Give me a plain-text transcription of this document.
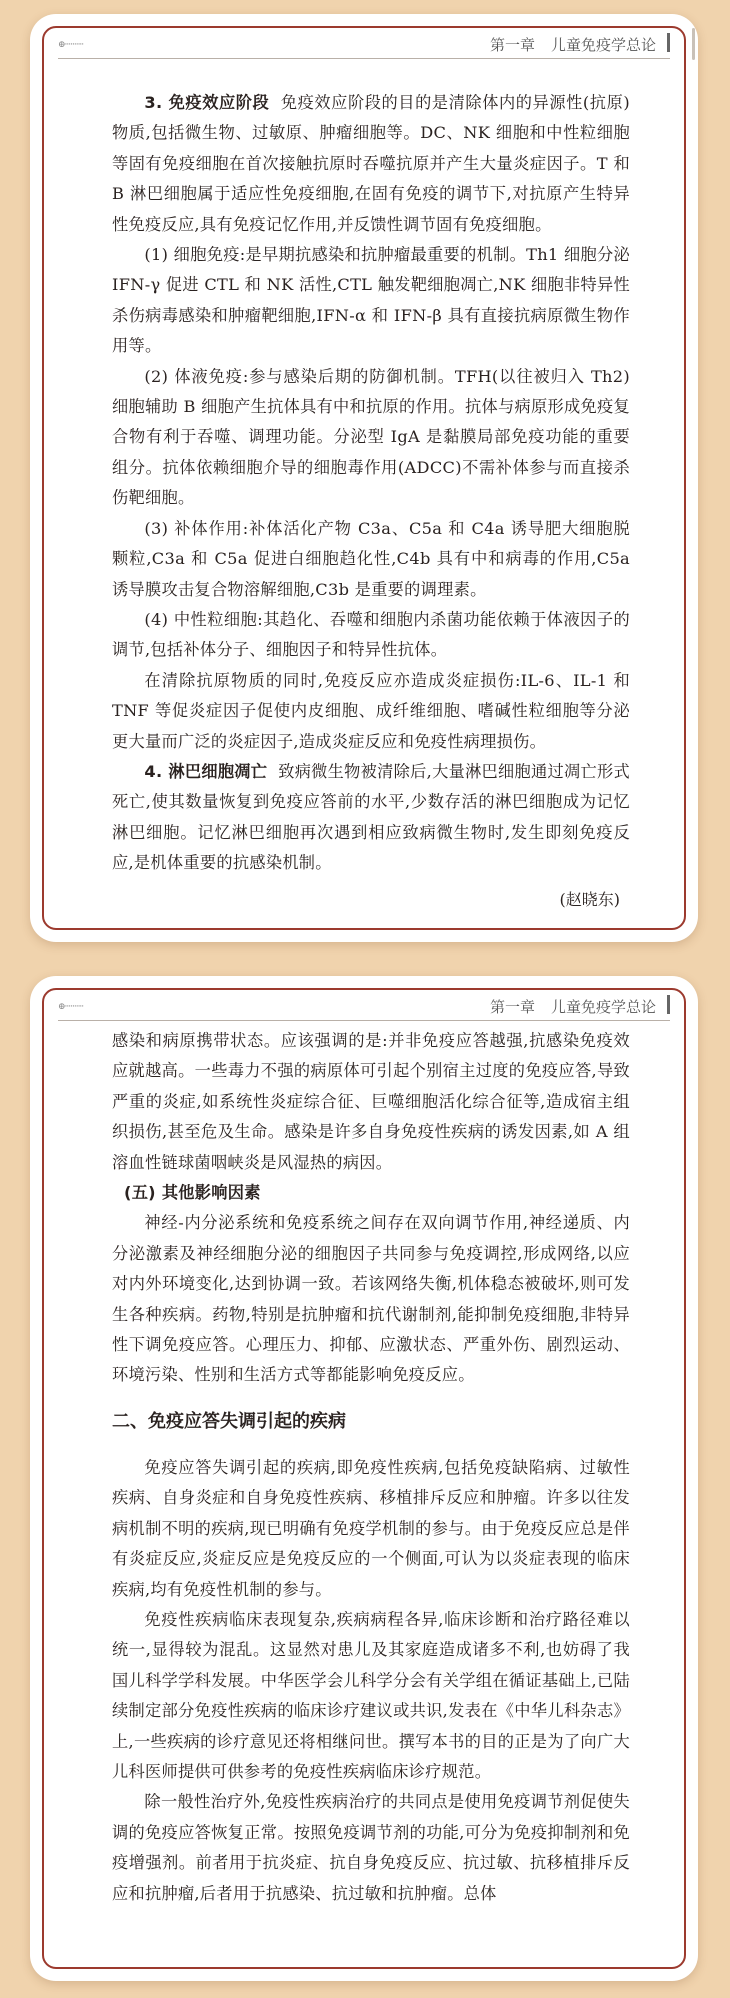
⊕··········	第一章 儿童免疫学总论

3. 免疫效应阶段 免疫效应阶段的目的是清除体内的异源性(抗原)物质,包括微生物、过敏原、肿瘤细胞等。DC、NK 细胞和中性粒细胞等固有免疫细胞在首次接触抗原时吞噬抗原并产生大量炎症因子。T 和 B 淋巴细胞属于适应性免疫细胞,在固有免疫的调节下,对抗原产生特异性免疫反应,具有免疫记忆作用,并反馈性调节固有免疫细胞。

(1) 细胞免疫:是早期抗感染和抗肿瘤最重要的机制。Th1 细胞分泌 IFN-γ 促进 CTL 和 NK 活性,CTL 触发靶细胞凋亡,NK 细胞非特异性杀伤病毒感染和肿瘤靶细胞,IFN-α 和 IFN-β 具有直接抗病原微生物作用等。

(2) 体液免疫:参与感染后期的防御机制。TFH(以往被归入 Th2)细胞辅助 B 细胞产生抗体具有中和抗原的作用。抗体与病原形成免疫复合物有利于吞噬、调理功能。分泌型 IgA 是黏膜局部免疫功能的重要组分。抗体依赖细胞介导的细胞毒作用(ADCC)不需补体参与而直接杀伤靶细胞。

(3) 补体作用:补体活化产物 C3a、C5a 和 C4a 诱导肥大细胞脱颗粒,C3a 和 C5a 促进白细胞趋化性,C4b 具有中和病毒的作用,C5a 诱导膜攻击复合物溶解细胞,C3b 是重要的调理素。

(4) 中性粒细胞:其趋化、吞噬和细胞内杀菌功能依赖于体液因子的调节,包括补体分子、细胞因子和特异性抗体。

在清除抗原物质的同时,免疫反应亦造成炎症损伤:IL-6、IL-1 和 TNF 等促炎症因子促使内皮细胞、成纤维细胞、嗜碱性粒细胞等分泌更大量而广泛的炎症因子,造成炎症反应和免疫性病理损伤。

4. 淋巴细胞凋亡 致病微生物被清除后,大量淋巴细胞通过凋亡形式死亡,使其数量恢复到免疫应答前的水平,少数存活的淋巴细胞成为记忆淋巴细胞。记忆淋巴细胞再次遇到相应致病微生物时,发生即刻免疫反应,是机体重要的抗感染机制。

(赵晓东)
⊕··········	第一章 儿童免疫学总论

感染和病原携带状态。应该强调的是:并非免疫应答越强,抗感染免疫效应就越高。一些毒力不强的病原体可引起个别宿主过度的免疫应答,导致严重的炎症,如系统性炎症综合征、巨噬细胞活化综合征等,造成宿主组织损伤,甚至危及生命。感染是许多自身免疫性疾病的诱发因素,如 A 组溶血性链球菌咽峡炎是风湿热的病因。

(五) 其他影响因素

神经-内分泌系统和免疫系统之间存在双向调节作用,神经递质、内分泌激素及神经细胞分泌的细胞因子共同参与免疫调控,形成网络,以应对内外环境变化,达到协调一致。若该网络失衡,机体稳态被破坏,则可发生各种疾病。药物,特别是抗肿瘤和抗代谢制剂,能抑制免疫细胞,非特异性下调免疫应答。心理压力、抑郁、应激状态、严重外伤、剧烈运动、环境污染、性别和生活方式等都能影响免疫反应。

二、免疫应答失调引起的疾病

免疫应答失调引起的疾病,即免疫性疾病,包括免疫缺陷病、过敏性疾病、自身炎症和自身免疫性疾病、移植排斥反应和肿瘤。许多以往发病机制不明的疾病,现已明确有免疫学机制的参与。由于免疫反应总是伴有炎症反应,炎症反应是免疫反应的一个侧面,可认为以炎症表现的临床疾病,均有免疫性机制的参与。

免疫性疾病临床表现复杂,疾病病程各异,临床诊断和治疗路径难以统一,显得较为混乱。这显然对患儿及其家庭造成诸多不利,也妨碍了我国儿科学学科发展。中华医学会儿科学分会有关学组在循证基础上,已陆续制定部分免疫性疾病的临床诊疗建议或共识,发表在《中华儿科杂志》上,一些疾病的诊疗意见还将相继问世。撰写本书的目的正是为了向广大儿科医师提供可供参考的免疫性疾病临床诊疗规范。

除一般性治疗外,免疫性疾病治疗的共同点是使用免疫调节剂促使失调的免疫应答恢复正常。按照免疫调节剂的功能,可分为免疫抑制剂和免疫增强剂。前者用于抗炎症、抗自身免疫反应、抗过敏、抗移植排斥反应和抗肿瘤,后者用于抗感染、抗过敏和抗肿瘤。总体
